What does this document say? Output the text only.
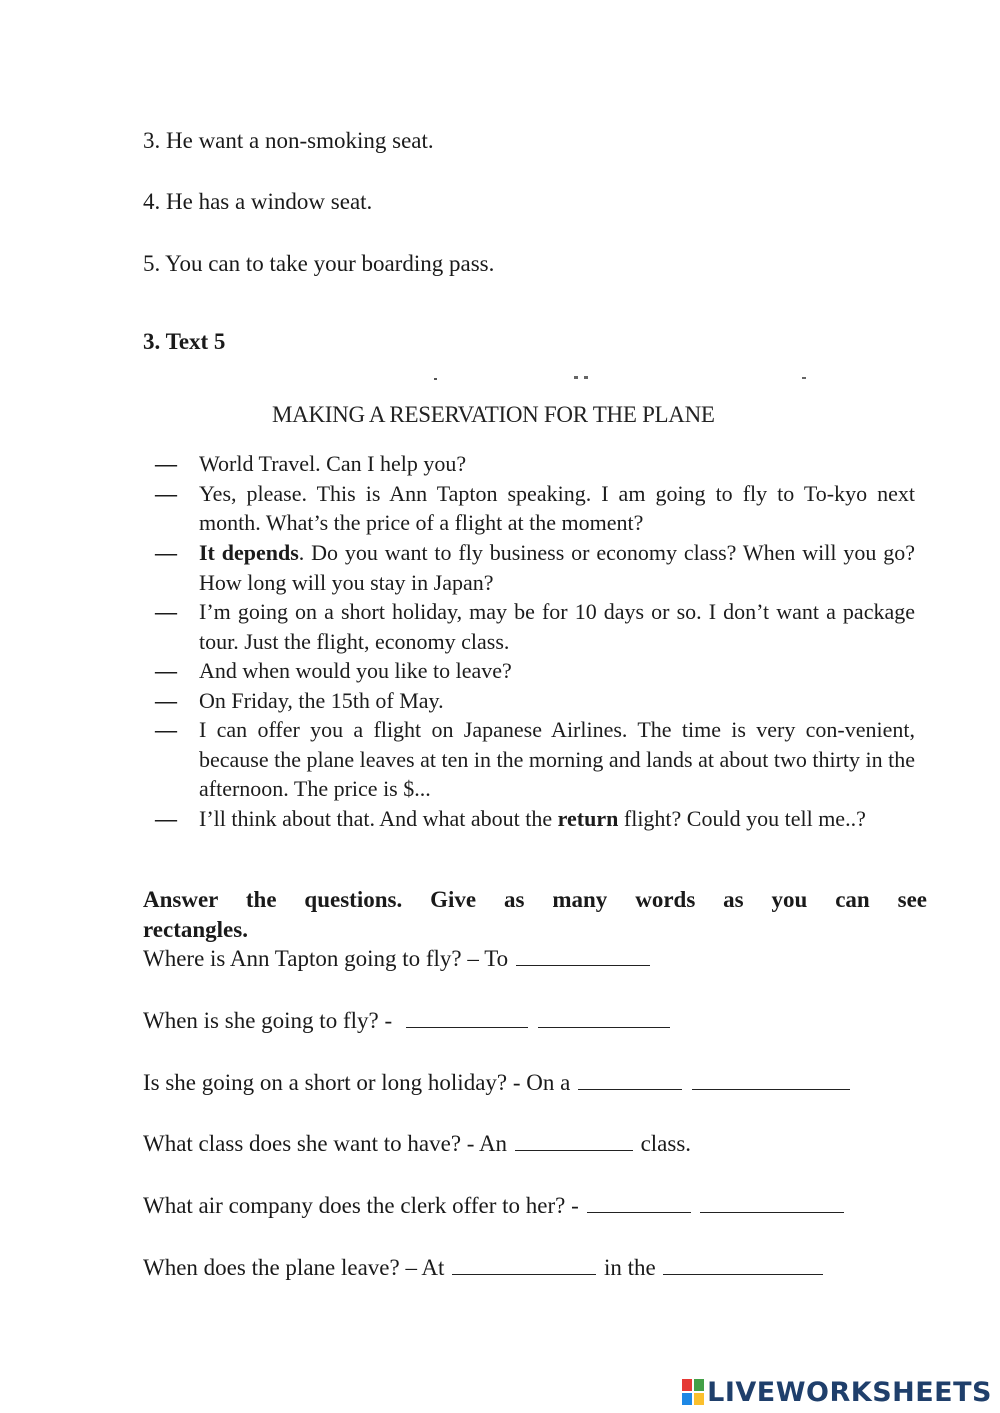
3. He want a non-smoking seat.
4. He has a window seat.
5. You can to take your boarding pass.
3. Text 5
MAKING A RESERVATION FOR THE PLANE
—	World Travel. Can I help you?
—	Yes, please. This is Ann Tapton speaking. I am going to fly to To-kyo next month. What’s the price of a flight at the moment?
—	It depends. Do you want to fly business or economy class? When will you go? How long will you stay in Japan?
—	I’m going on a short holiday, may be for 10 days or so. I don’t want a package tour. Just the flight, economy class.
—	And when would you like to leave?
—	On Friday, the 15th of May.
—	I can offer you a flight on Japanese Airlines. The time is very con-venient, because the plane leaves at ten in the morning and lands at about two thirty in the afternoon. The price is $...
—	I’ll think about that. And what about the return flight? Could you tell me..?
Answer the questions. Give as many words as you can see
rectangles.
Where is Ann Tapton going to fly? – To
When is she going to fly? -
Is she going on a short or long holiday? - On a
What class does she want to have? - An	class.
What air company does the clerk offer to her? -
When does the plane leave? – At	in the
LIVEWORKSHEETS
